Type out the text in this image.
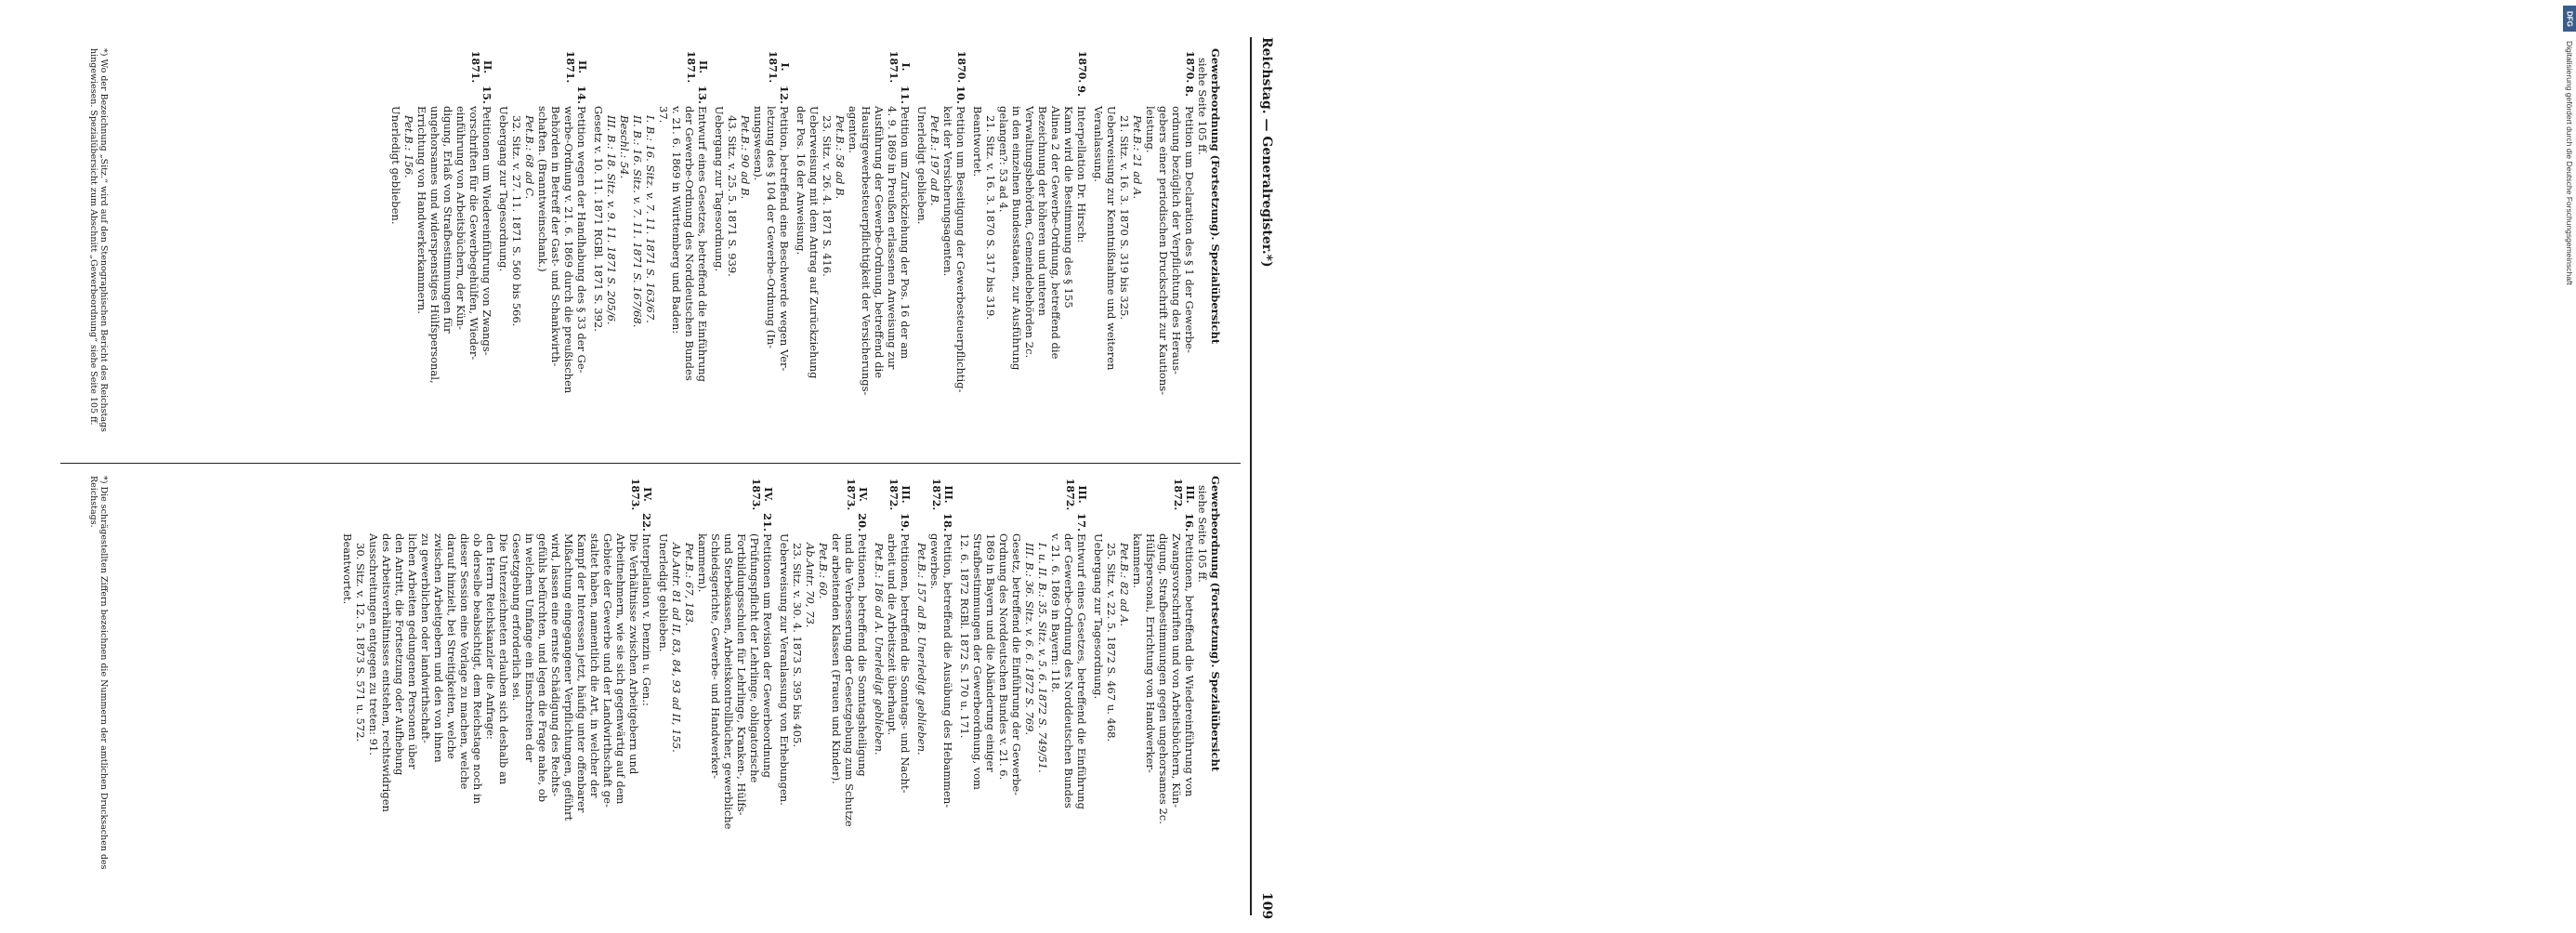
Reichstag. — Generalregister.*)
109
Gewerbeordnung (Fortsetzung). Spezialübersicht
siehe Seite 105 ff.
1870.
8.
Petition um Declaration des § 1 der Gewerbe-
ordnung bezüglich der Verpflichtung des Heraus-
gebers einer periodischen Druckschrift zur Kautions-
leistung.
Pet.B.: 21 ad A.
21. Sitz. v. 16. 3. 1870 S. 319 bis 325.
Ueberweisung zur Kenntnißnahme und weiteren
Veranlassung.
1870.
9.
Interpellation Dr. Hirsch:
Kann wird die Bestimmung des § 155
Alinea 2 der Gewerbe-Ordnung, betreffend die
Bezeichnung der höheren und unteren
Verwaltungsbehörden, Gemeindebehörden 2c.
in den einzelnen Bundesstaaten, zur Ausführung
gelangen?: 53 ad 4.
21. Sitz. v. 16. 3. 1870 S. 317 bis 319.
Beantwortet.
1870.
10.
Petition um Beseitigung der Gewerbesteuerpflichtig-
keit der Versicherungsagenten.
Pet.B.: 197 ad B.
Unerledigt geblieben.
I. 1871.
11.
Petition um Zurückziehung der Pos. 16 der am
4. 9. 1869 in Preußen erlassenen Anweisung zur
Ausführung der Gewerbe-Ordnung, betreffend die
Hausirgewerbesteuerpflichtigkeit der Versicherungs-
agenten.
Pet.B.: 58 ad B.
23. Sitz. v. 26. 4. 1871 S. 416.
Ueberweisung mit dem Antrag auf Zurückziehung
der Pos. 16 der Anweisung.
I. 1871.
12.
Petition, betreffend eine Beschwerde wegen Ver-
letzung des § 104 der Gewerbe-Ordnung (In-
nungswesen).
Pet.B.: 90 ad B.
43. Sitz. v. 25. 5. 1871 S. 939.
Uebergang zur Tagesordnung.
II. 1871.
13.
Entwurf eines Gesetzes, betreffend die Einführung
der Gewerbe-Ordnung des Norddeutschen Bundes
v. 21. 6. 1869 in Württemberg und Baden:
37.
I. B.: 16. Sitz. v. 7. 11. 1871 S. 163/67.
II. B.: 16. Sitz. v. 7. 11. 1871 S. 167/68.
Beschl.: 54.
III. B.: 18. Sitz. v. 9. 11. 1871 S. 205/6.
Gesetz v. 10. 11. 1871 RGBl. 1871 S. 392.
II. 1871.
14.
Petition wegen der Handhabung des § 33 der Ge-
werbe-Ordnung v. 21. 6. 1869 durch die preußischen
Behörden in Betreff der Gast- und Schankwirth-
schaften. (Branntweinschank.)
Pet.B.: 68 ad C.
32. Sitz. v. 27. 11. 1871 S. 560 bis 566.
Uebergang zur Tagesordnung.
II. 1871.
15.
Petitionen um Wiedereinführung von Zwangs-
vorschriften für die Gewerbegehülfen, Wieder-
einführung von Arbeitsbüchern, der Kün-
digung, Erlaß von Strafbestimmungen für
ungehorsames und widerspenstiges Hülfspersonal,
Errichtung von Handwerkerkammern.
Pet.B.: 156.
Unerledigt geblieben.
Gewerbeordnung (Fortsetzung). Spezialübersicht
siehe Seite 105 ff.
III. 1872.
16.
Petitionen, betreffend die Wiedereinführung von
Zwangsvorschriften und von Arbeitsbüchern, Kün-
digung, Strafbestimmungen gegen ungehorsames 2c.
Hülfspersonal, Errichtung von Handwerker-
kammern.
Pet.B.: 82 ad A.
25. Sitz. v. 22. 5. 1872 S. 467 u. 468.
Uebergang zur Tagesordnung.
III. 1872.
17.
Entwurf eines Gesetzes, betreffend die Einführung
der Gewerbe-Ordnung des Norddeutschen Bundes
v. 21. 6. 1869 in Bayern: 118.
I. u. II. B.: 35. Sitz. v. 5. 6. 1872 S. 749/51.
III. B.: 36. Sitz. v. 6. 6. 1872 S. 769.
Gesetz, betreffend die Einführung der Gewerbe-
Ordnung des Norddeutschen Bundes v. 21. 6.
1869 in Bayern und die Abänderung einiger
Strafbestimmungen der Gewerbeordnung, vom
12. 6. 1872 RGBl. 1872 S. 170 u. 171.
III. 1872.
18.
Petition, betreffend die Ausübung des Hebammen-
gewerbes.
Pet.B.: 157 ad B. Unerledigt geblieben.
III. 1872.
19.
Petitionen, betreffend die Sonntags- und Nacht-
arbeit und die Arbeitszeit überhaupt.
Pet.B.: 186 ad A. Unerledigt geblieben.
IV. 1873.
20.
Petitionen, betreffend die Sonntagsheiligung
und die Verbesserung der Gesetzgebung zum Schutze
der arbeitenden Klassen (Frauen und Kinder).
Pet.B.: 60.
Ab.Antr. 70, 73.
23. Sitz. v. 30. 4. 1873 S. 395 bis 405.
Ueberweisung zur Veranlassung von Erhebungen.
IV. 1873.
21.
Petitionen um Revision der Gewerbeordnung
(Prüfungspflicht der Lehrlinge, obligatorische
Fortbildungsschulen für Lehrlinge, Kranken-, Hülfs-
und Sterbekassen, Arbeitskontrollbücher, gewerbliche
Schiedsgerichte, Gewerbe- und Handwerker-
kammern).
Pet.B.: 67, 183.
Ab.Antr. 81 ad II, 83, 84, 93 ad II, 155.
Unerledigt geblieben.
IV. 1873.
22.
Interpellation v. Denzin u. Gen.:
Die Verhältnisse zwischen Arbeitgebern und
Arbeitnehmern, wie sie sich gegenwärtig auf dem
Gebiete der Gewerbe und der Landwirthschaft ge-
staltet haben, namentlich die Art, in welcher der
Kampf der Interessen jetzt, häufig unter offenbarer
Mißachtung eingegangener Verpflichtungen, geführt
wird, lassen eine ernste Schädigung des Rechts-
gefühls befürchten, und legen die Frage nahe, ob
in welchem Umfange ein Einschreiten der
Gesetzgebung erforderlich sei.
Die Unterzeichneten erlauben sich deshalb an
den Herrn Reichskanzler die Anfrage:
ob derselbe beabsichtigt, dem Reichstage noch in
dieser Session eine Vorlage zu machen, welche
darauf hinzielt, bei Streitigkeiten, welche
zwischen Arbeitgebern und den von ihnen
zu gewerblichen oder landwirthschaft-
lichen Arbeiten gedungenen Personen über
den Antritt, die Fortsetzung oder Aufhebung
des Arbeitsverhältnisses entstehen, rechtswidrigen
Ausschreitungen entgegen zu treten: 91.
30. Sitz. v. 12. 5. 1873 S. 571 u. 572.
Beantwortet.
*) Wo der Bezeichnung „Sitz.“ wird auf den Stenographischen Bericht des Reichstags hingewiesen. Spezialübersicht zum Abschnitt „Gewerbeordnung“ siehe Seite 105 ff.
*) Die schrägestellten Ziffern bezeichnen die Nummern der amtlichen Drucksachen des Reichstags.
DFG
Digitalisierung gefördert durch die Deutsche Forschungsgemeinschaft
